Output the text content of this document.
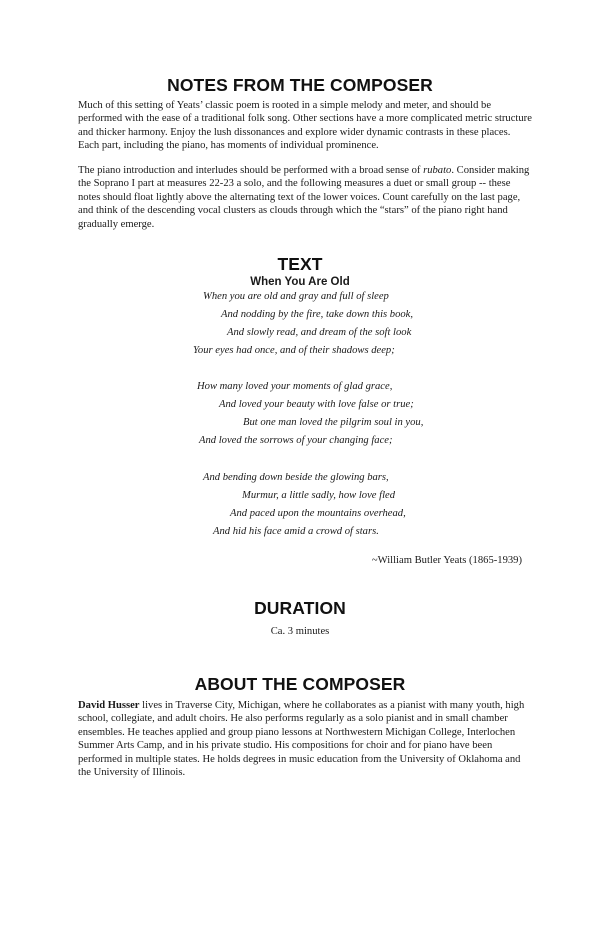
NOTES FROM THE COMPOSER

Much of this setting of Yeats’ classic poem is rooted in a simple melody and meter, and should be performed with the ease of a traditional folk song. Other sections have a more complicated metric structure and thicker harmony. Enjoy the lush dissonances and explore wider dynamic contrasts in these places. Each part, including the piano, has moments of individual prominence.

The piano introduction and interludes should be performed with a broad sense of rubato. Consider making the Soprano I part at measures 22-23 a solo, and the following measures a duet or small group -- these notes should float lightly above the alternating text of the lower voices. Count carefully on the last page, and think of the descending vocal clusters as clouds through which the “stars” of the piano right hand gradually emerge.

TEXT
When You Are Old
When you are old and gray and full of sleep
And nodding by the fire, take down this book,
And slowly read, and dream of the soft look
Your eyes had once, and of their shadows deep;
How many loved your moments of glad grace,
And loved your beauty with love false or true;
But one man loved the pilgrim soul in you,
And loved the sorrows of your changing face;
And bending down beside the glowing bars,
Murmur, a little sadly, how love fled
And paced upon the mountains overhead,
And hid his face amid a crowd of stars.
~William Butler Yeats (1865-1939)
DURATION
Ca. 3 minutes
ABOUT THE COMPOSER

David Husser lives in Traverse City, Michigan, where he collaborates as a pianist with many youth, high school, collegiate, and adult choirs. He also performs regularly as a solo pianist and in small chamber ensembles. He teaches applied and group piano lessons at Northwestern Michigan College, Interlochen Summer Arts Camp, and in his private studio. His compositions for choir and for piano have been performed in multiple states. He holds degrees in music education from the University of Oklahoma and the University of Illinois.
